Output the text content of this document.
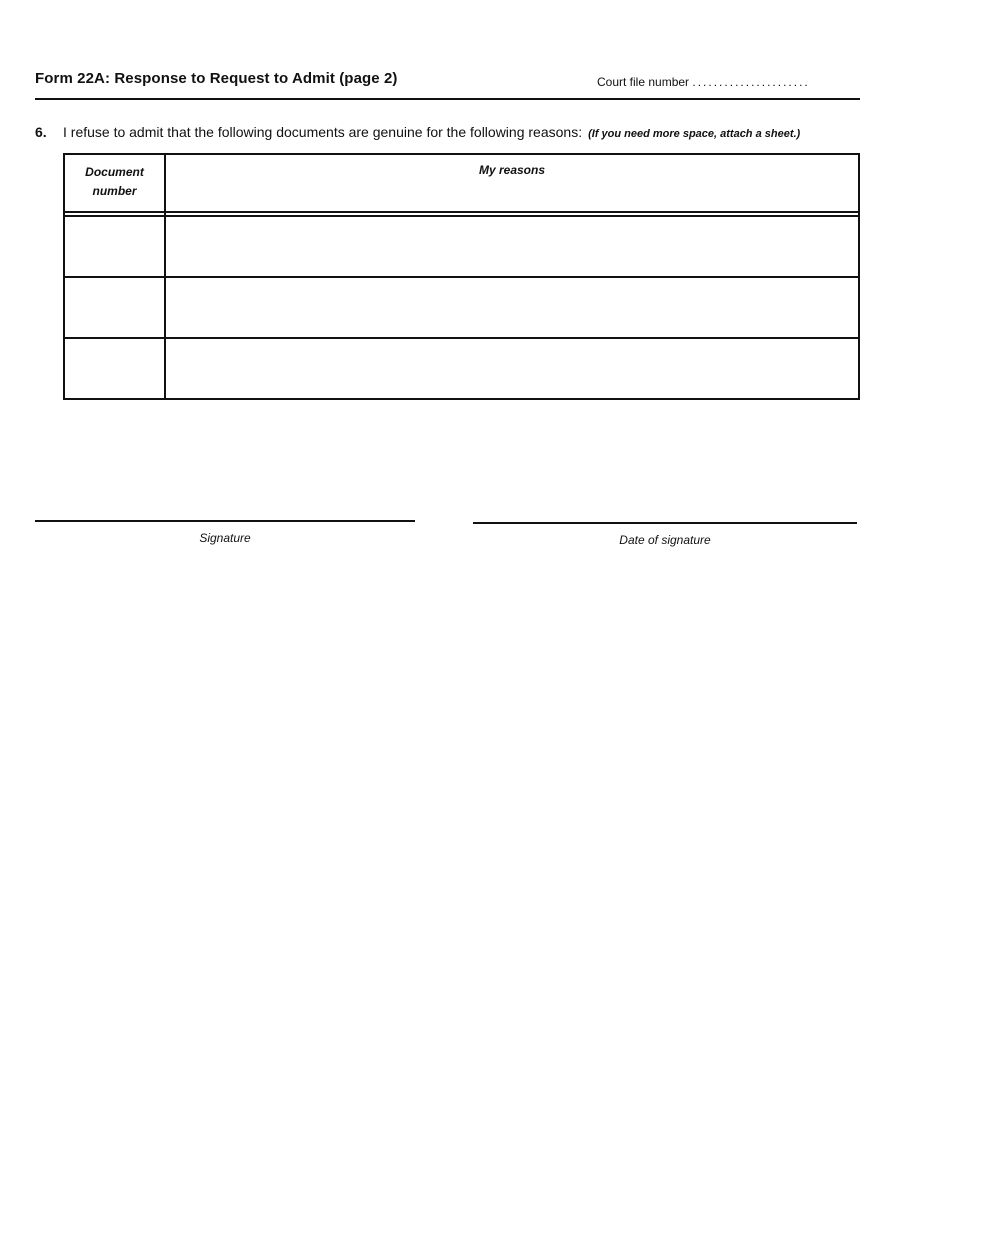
Form 22A: Response to Request to Admit (page 2)	Court file number ......................
6. I refuse to admit that the following documents are genuine for the following reasons: (If you need more space, attach a sheet.)
Document number	My reasons

Signature	Date of signature
